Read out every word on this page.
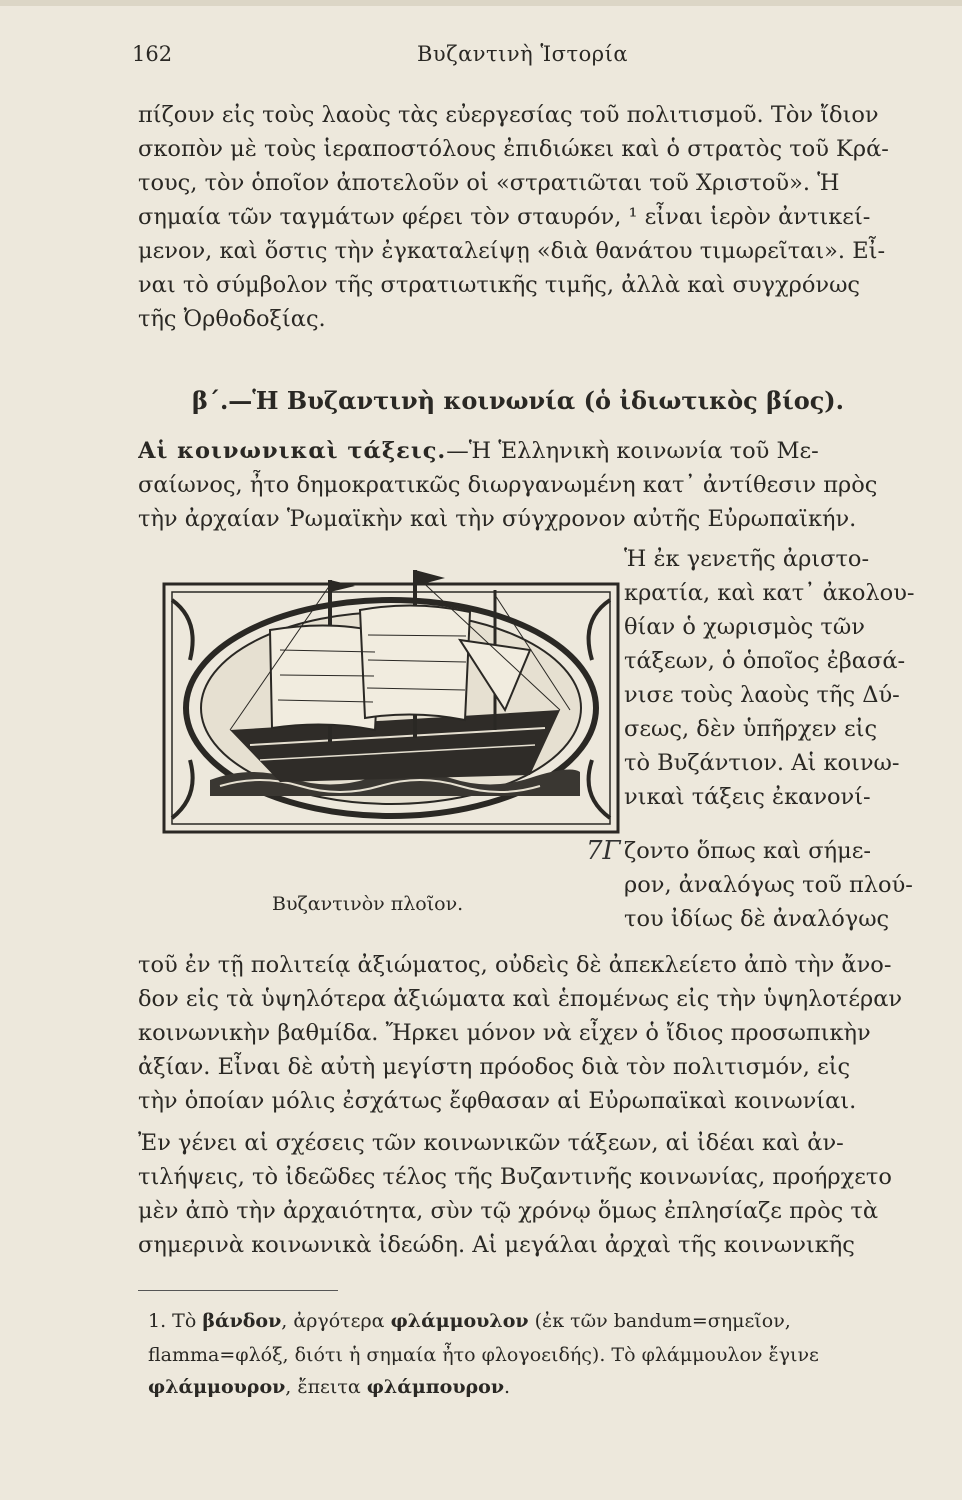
162	Βυζαντινὴ Ἱστορία
πίζουν εἰς τοὺς λαοὺς τὰς εὐεργεσίας τοῦ πολιτισμοῦ. Τὸν ἴδιον
σκοπὸν μὲ τοὺς ἱεραποστόλους ἐπιδιώκει καὶ ὁ στρατὸς τοῦ Κρά-
τους, τὸν ὁποῖον ἀποτελοῦν οἱ «στρατιῶται τοῦ Χριστοῦ». Ἡ
σημαία τῶν ταγμάτων φέρει τὸν σταυρόν, ¹ εἶναι ἱερὸν ἀντικεί-
μενον, καὶ ὅστις τὴν ἐγκαταλείψῃ «διὰ θανάτου τιμωρεῖται». Εἶ-
ναι τὸ σύμβολον τῆς στρατιωτικῆς τιμῆς, ἀλλὰ καὶ συγχρόνως
τῆς Ὀρθοδοξίας.
β΄.—Ἡ Βυζαντινὴ κοινωνία (ὁ ἰδιωτικὸς βίος).
Αἱ κοινωνικαὶ τάξεις.—Ἡ Ἑλληνικὴ κοινωνία τοῦ Με-
σαίωνος, ἦτο δημοκρατικῶς διωργανωμένη κατ᾽ ἀντίθεσιν πρὸς
τὴν ἀρχαίαν Ῥωμαϊκὴν καὶ τὴν σύγχρονον αὐτῆς Εὐρωπαϊκήν.
Ἡ ἐκ γενετῆς ἀριστο-
κρατία, καὶ κατ᾽ ἀκολου-
θίαν ὁ χωρισμὸς τῶν
τάξεων, ὁ ὁποῖος ἐβασά-
νισε τοὺς λαοὺς τῆς Δύ-
σεως, δὲν ὑπῆρχεν εἰς
τὸ Βυζάντιον. Αἱ κοινω-
νικαὶ τάξεις ἐκανονί-
ζοντο ὅπως καὶ σήμε-
ρον, ἀναλόγως τοῦ πλού-
του ἰδίως δὲ ἀναλόγως
7Γ
Βυζαντινὸν πλοῖον.
τοῦ ἐν τῇ πολιτείᾳ ἀξιώματος, οὐδεὶς δὲ ἀπεκλείετο ἀπὸ τὴν ἄνο-
δον εἰς τὰ ὑψηλότερα ἀξιώματα καὶ ἑπομένως εἰς τὴν ὑψηλοτέραν
κοινωνικὴν βαθμίδα. Ἤρκει μόνον νὰ εἶχεν ὁ ἴδιος προσωπικὴν
ἀξίαν. Εἶναι δὲ αὐτὴ μεγίστη πρόοδος διὰ τὸν πολιτισμόν, εἰς
τὴν ὁποίαν μόλις ἐσχάτως ἔφθασαν αἱ Εὐρωπαϊκαὶ κοινωνίαι.
Ἐν γένει αἱ σχέσεις τῶν κοινωνικῶν τάξεων, αἱ ἰδέαι καὶ ἀν-
τιλήψεις, τὸ ἰδεῶδες τέλος τῆς Βυζαντινῆς κοινωνίας, προήρχετο
μὲν ἀπὸ τὴν ἀρχαιότητα, σὺν τῷ χρόνῳ ὅμως ἐπλησίαζε πρὸς τὰ
σημερινὰ κοινωνικὰ ἰδεώδη. Αἱ μεγάλαι ἀρχαὶ τῆς κοινωνικῆς
1. Τὸ βάνδον, ἀργότερα φλάμμουλον (ἐκ τῶν bandum=σημεῖον,
flamma=φλόξ, διότι ἡ σημαία ἦτο φλογοειδής). Τὸ φλάμμουλον ἔγινε
φλάμμουρον, ἔπειτα φλάμπουρον.
